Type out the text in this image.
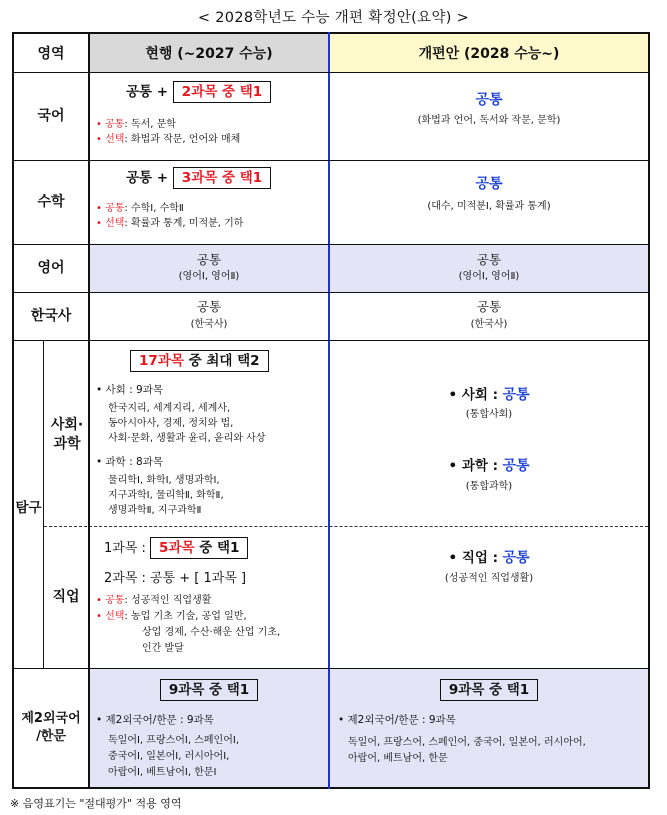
< 2028학년도 수능 개편 확정안(요약) >
영역	현행 (~2027 수능)	개편안 (2028 수능~)
국어
공통 + 2과목 중 택1
• 공통: 독서, 문학
• 선택: 화법과 작문, 언어와 매체
공통
(화법과 언어, 독서와 작문, 문학)
수학
공통 + 3과목 중 택1
• 공통: 수학Ⅰ, 수학Ⅱ
• 선택: 확률과 통계, 미적분, 기하
공통
(대수, 미적분Ⅰ, 확률과 통계)
영어
공통
(영어Ⅰ, 영어Ⅱ)
공통
(영어Ⅰ, 영어Ⅱ)
한국사
공통
(한국사)
공통
(한국사)
탐구
사회·과학
직업
17과목 중 최대 택2
• 사회 : 9과목
한국지리, 세계지리, 세계사,
동아시아사, 경제, 정치와 법,
사회·문화, 생활과 윤리, 윤리와 사상
• 과학 : 8과목
물리학Ⅰ, 화학Ⅰ, 생명과학Ⅰ,
지구과학Ⅰ, 물리학Ⅱ, 화학Ⅱ,
생명과학Ⅱ, 지구과학Ⅱ
• 사회 : 공통
(통합사회)
• 과학 : 공통
(통합과학)
1과목 : 5과목 중 택1
2과목 : 공통 + [ 1과목 ]
• 공통: 성공적인 직업생활
• 선택: 농업 기초 기술, 공업 일반,
상업 경제, 수산·해운 산업 기초,
인간 발달
• 직업 : 공통
(성공적인 직업생활)
제2외국어
/한문
9과목 중 택1
• 제2외국어/한문 : 9과목
독일어Ⅰ, 프랑스어Ⅰ, 스페인어Ⅰ,
중국어Ⅰ, 일본어Ⅰ, 러시아어Ⅰ,
아랍어Ⅰ, 베트남어Ⅰ, 한문Ⅰ
9과목 중 택1
• 제2외국어/한문 : 9과목
독일어, 프랑스어, 스페인어, 중국어, 일본어, 러시아어,
아랍어, 베트남어, 한문
※ 음영표기는 "절대평가" 적용 영역
